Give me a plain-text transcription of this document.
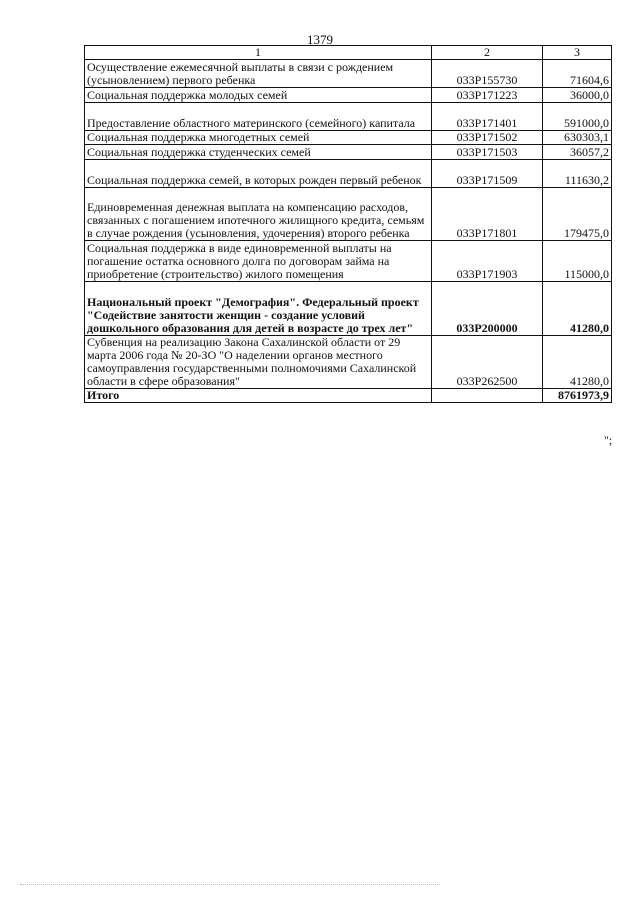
1379
1	2	3
Осуществление ежемесячной выплаты в связи с рождением (усыновлением) первого ребенка	033P155730	71604,6
Социальная поддержка молодых семей	033P171223	36000,0
Предоставление областного материнского (семейного) капитала	033P171401	591000,0
Социальная поддержка многодетных семей	033P171502	630303,1
Социальная поддержка студенческих семей	033P171503	36057,2
Социальная поддержка семей, в которых рожден первый ребенок	033P171509	111630,2
Единовременная денежная выплата на компенсацию расходов, связанных с погашением ипотечного жилищного кредита, семьям в случае рождения (усыновления, удочерения) второго ребенка	033P171801	179475,0
Социальная поддержка в виде единовременной выплаты на погашение остатка основного долга по договорам займа на приобретение (строительство) жилого помещения	033P171903	115000,0
Национальный проект "Демография". Федеральный проект "Содействие занятости женщин - создание условий дошкольного образования для детей в возрасте до трех лет"	033P200000	41280,0
Субвенция на реализацию Закона Сахалинской области от 29 марта 2006 года № 20-ЗО "О наделении органов местного самоуправления государственными полномочиями Сахалинской области в сфере образования"	033P262500	41280,0
Итого		8761973,9
";
